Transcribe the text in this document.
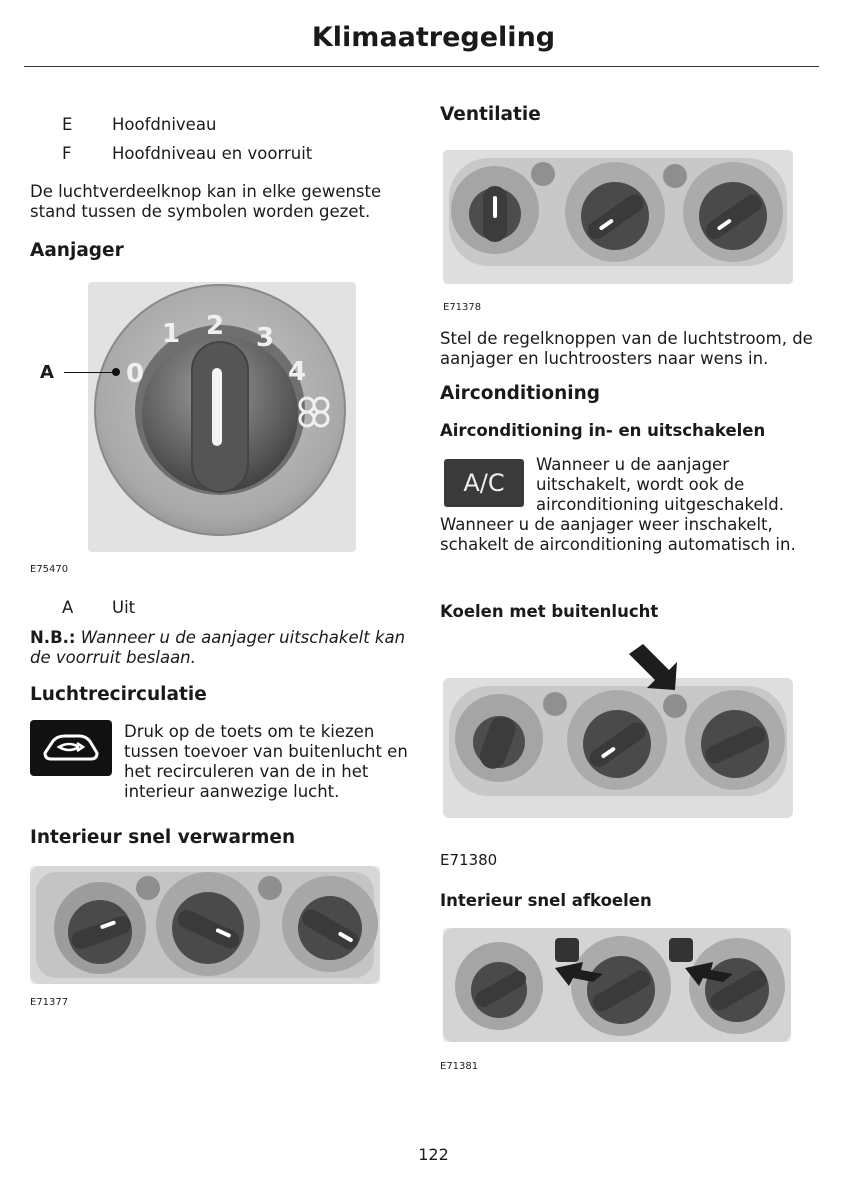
Klimaatregeling
E Hoofdniveau
F Hoofdniveau en voorruit
De luchtverdeelknop kan in elke gewenste stand tussen de symbolen worden gezet.
Aanjager
0
1 2 3
4
A
E75470
A Uit
N.B.: Wanneer u de aanjager uitschakelt kan de voorruit beslaan.
Luchtrecirculatie
Druk op de toets om te kiezen tussen toevoer van buitenlucht en het recirculeren van de in het interieur aanwezige lucht.
Interieur snel verwarmen
E71377
Ventilatie
E71378
Stel de regelknoppen van de luchtstroom, de aanjager en luchtroosters naar wens in.
Airconditioning
Airconditioning in- en uitschakelen
A/C
Wanneer u de aanjager uitschakelt, wordt ook de airconditioning uitgeschakeld. Wanneer u de aanjager weer inschakelt, schakelt de airconditioning automatisch in.
Koelen met buitenlucht
E71380
Interieur snel afkoelen
E71381
122
